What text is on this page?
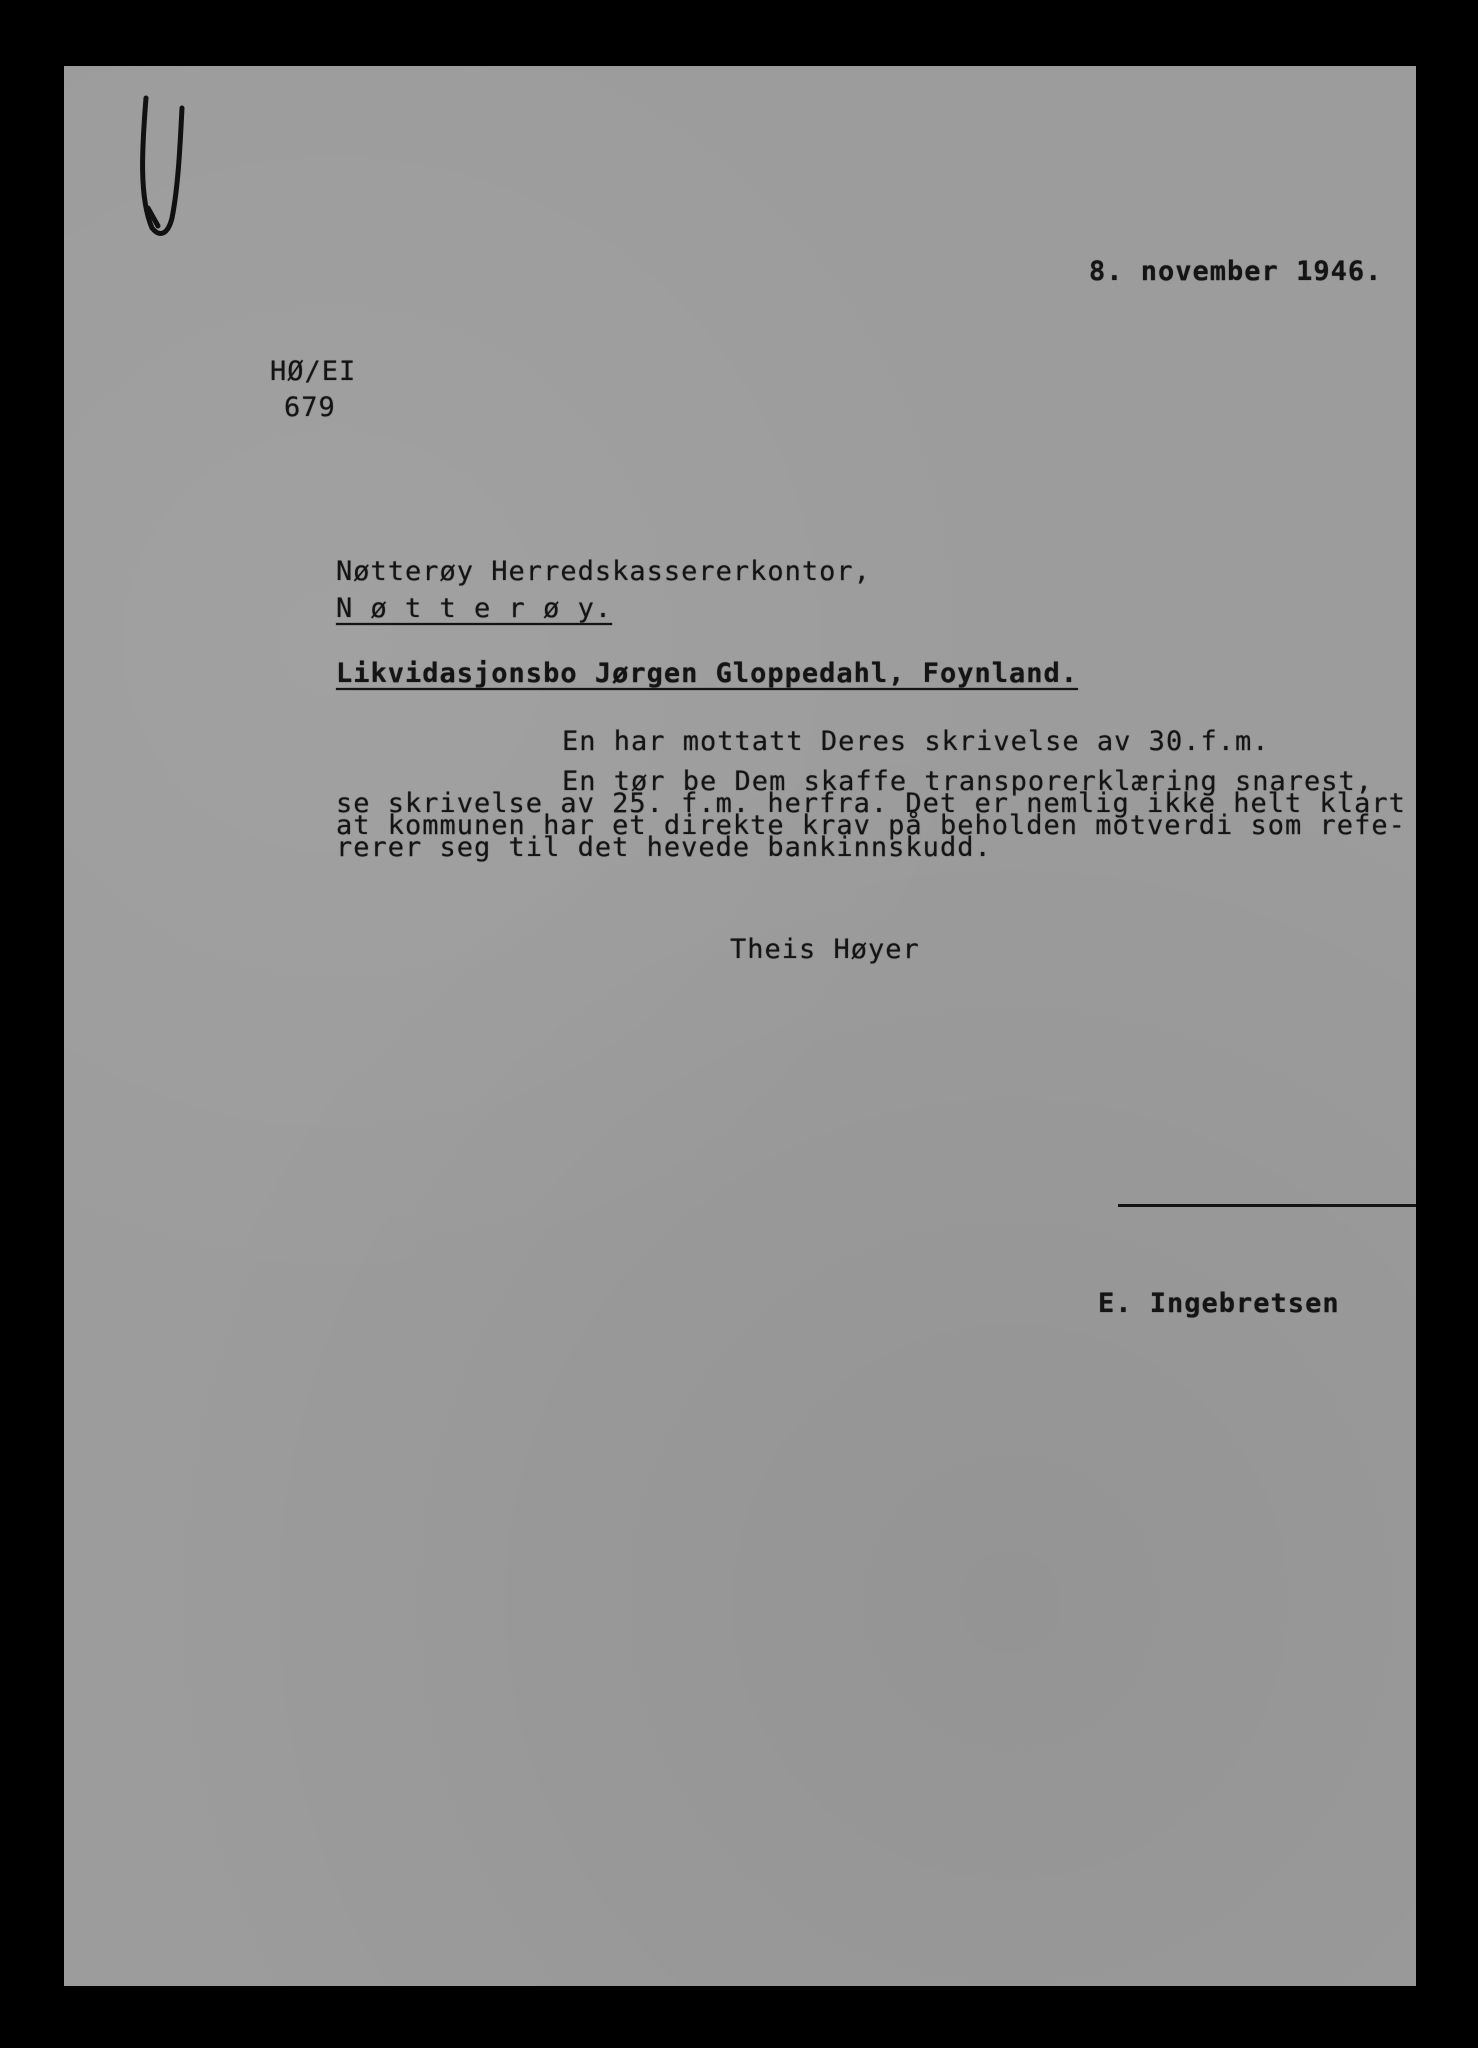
8. november 1946.
HØ/EI
679
Nøtterøy Herredskassererkontor,
N ø t t e r ø y.
Likvidasjonsbo Jørgen Gloppedahl, Foynland.
En har mottatt Deres skrivelse av 30.f.m.
En tør be Dem skaffe transporerklæring snarest,
se skrivelse av 25. f.m. herfra. Det er nemlig ikke helt klart
at kommunen har et direkte krav på beholden motverdi som refe-
rerer seg til det hevede bankinnskudd.
Theis Høyer
E. Ingebretsen
